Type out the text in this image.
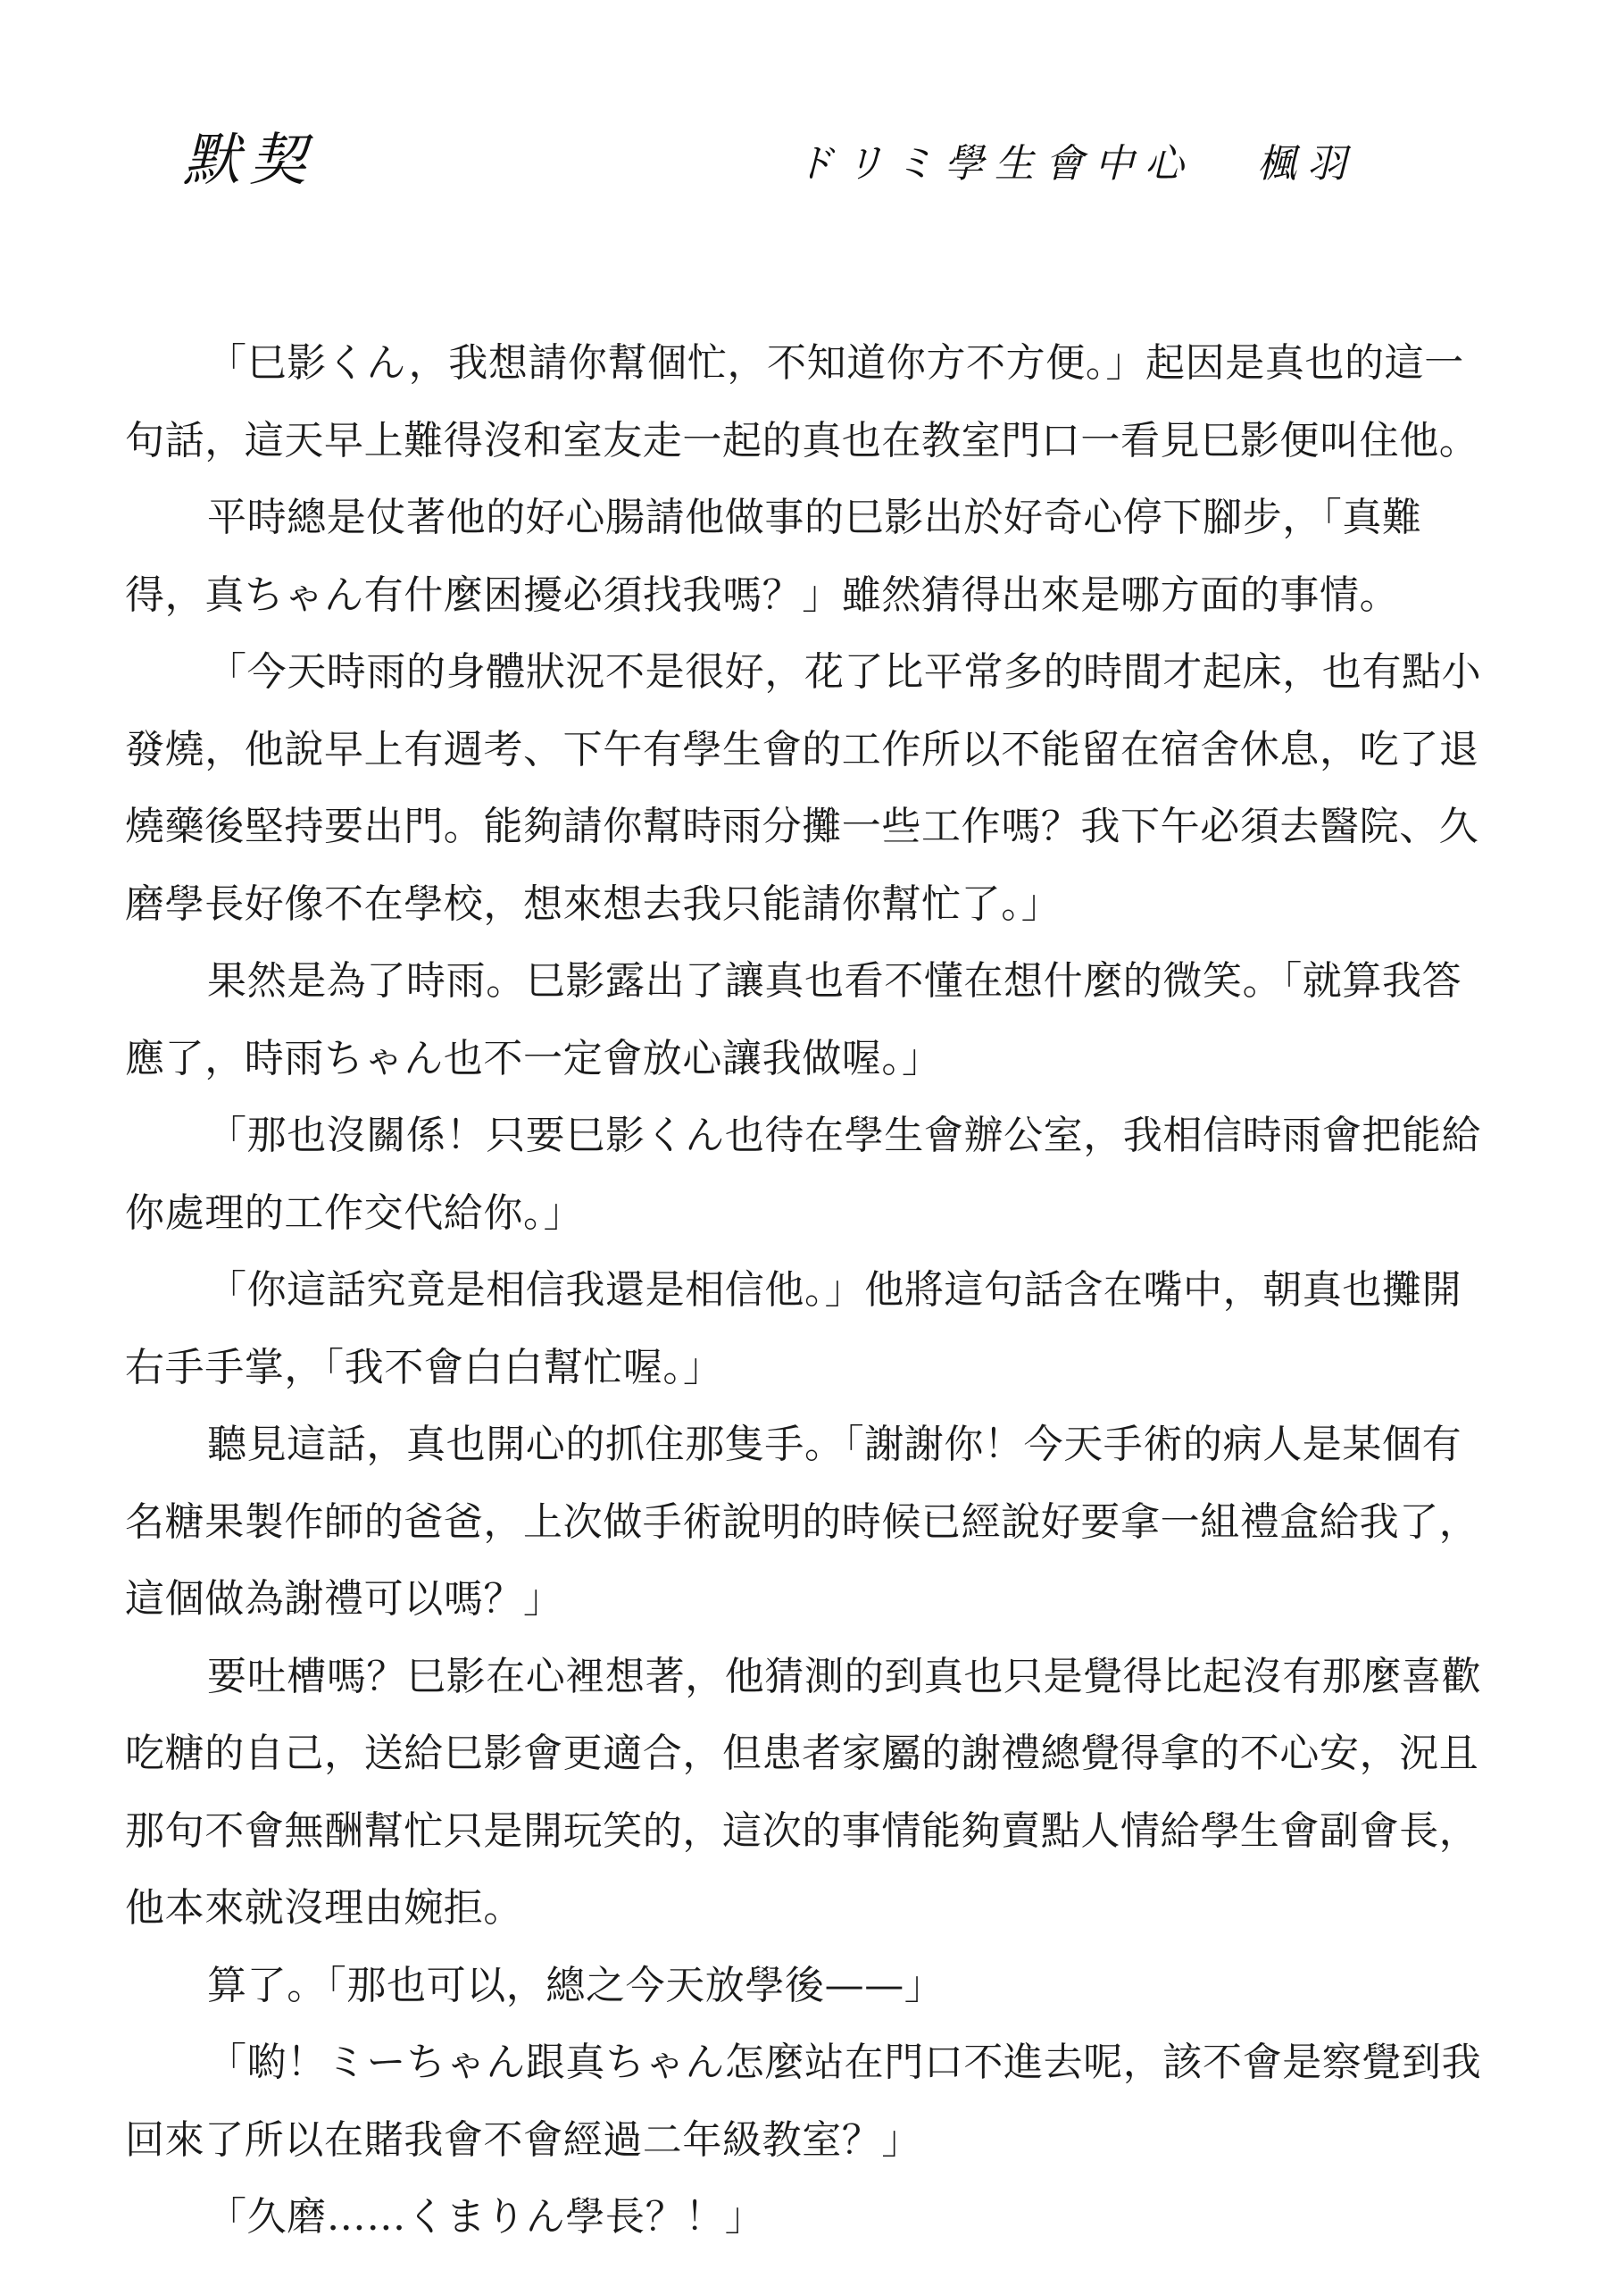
默契	ドリミ學生會中心 楓羽
「巳影くん，我想請你幫個忙，不知道你方不方便。」起因是真也的這一
句話，這天早上難得沒和室友走一起的真也在教室門口一看見巳影便叫住他。
平時總是仗著他的好心腸請他做事的巳影出於好奇心停下腳步，「真難
得，真ちゃん有什麼困擾必須找我嗎？」雖然猜得出來是哪方面的事情。
「今天時雨的身體狀況不是很好，花了比平常多的時間才起床，也有點小
發燒，他說早上有週考、下午有學生會的工作所以不能留在宿舍休息，吃了退
燒藥後堅持要出門。能夠請你幫時雨分攤一些工作嗎？我下午必須去醫院、久
磨學長好像不在學校，想來想去我只能請你幫忙了。」
果然是為了時雨。巳影露出了讓真也看不懂在想什麼的微笑。「就算我答
應了，時雨ちゃん也不一定會放心讓我做喔。」
「那也沒關係！只要巳影くん也待在學生會辦公室，我相信時雨會把能給
你處理的工作交代給你。」
「你這話究竟是相信我還是相信他。」他將這句話含在嘴中，朝真也攤開
右手手掌，「我不會白白幫忙喔。」
聽見這話，真也開心的抓住那隻手。「謝謝你！今天手術的病人是某個有
名糖果製作師的爸爸，上次做手術說明的時候已經說好要拿一組禮盒給我了，
這個做為謝禮可以嗎？」
要吐槽嗎？巳影在心裡想著，他猜測的到真也只是覺得比起沒有那麼喜歡
吃糖的自己，送給巳影會更適合，但患者家屬的謝禮總覺得拿的不心安，況且
那句不會無酬幫忙只是開玩笑的，這次的事情能夠賣點人情給學生會副會長，
他本來就沒理由婉拒。
算了。「那也可以，總之今天放學後——」
「喲！ミーちゃん跟真ちゃん怎麼站在門口不進去呢，該不會是察覺到我
回來了所以在賭我會不會經過二年級教室？」
「久磨……くまりん學長？！」
